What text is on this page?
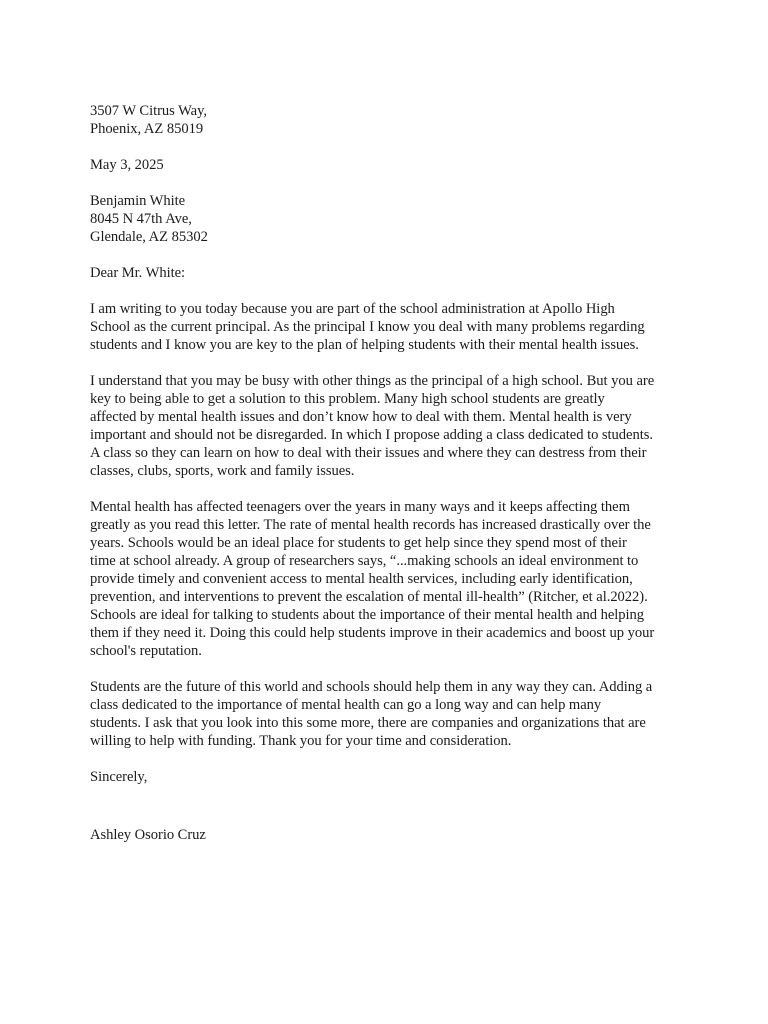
3507 W Citrus Way,
Phoenix, AZ 85019
May 3, 2025
Benjamin White
8045 N 47th Ave,
Glendale, AZ 85302
Dear Mr. White:
I am writing to you today because you are part of the school administration at Apollo High
School as the current principal. As the principal I know you deal with many problems regarding
students and I know you are key to the plan of helping students with their mental health issues.
I understand that you may be busy with other things as the principal of a high school. But you are
key to being able to get a solution to this problem. Many high school students are greatly
affected by mental health issues and don’t know how to deal with them. Mental health is very
important and should not be disregarded. In which I propose adding a class dedicated to students.
A class so they can learn on how to deal with their issues and where they can destress from their
classes, clubs, sports, work and family issues.
Mental health has affected teenagers over the years in many ways and it keeps affecting them
greatly as you read this letter. The rate of mental health records has increased drastically over the
years. Schools would be an ideal place for students to get help since they spend most of their
time at school already. A group of researchers says, “...making schools an ideal environment to
provide timely and convenient access to mental health services, including early identification,
prevention, and interventions to prevent the escalation of mental ill-health” (Ritcher, et al.2022).
Schools are ideal for talking to students about the importance of their mental health and helping
them if they need it. Doing this could help students improve in their academics and boost up your
school's reputation.
Students are the future of this world and schools should help them in any way they can. Adding a
class dedicated to the importance of mental health can go a long way and can help many
students. I ask that you look into this some more, there are companies and organizations that are
willing to help with funding. Thank you for your time and consideration.
Sincerely,
Ashley Osorio Cruz
